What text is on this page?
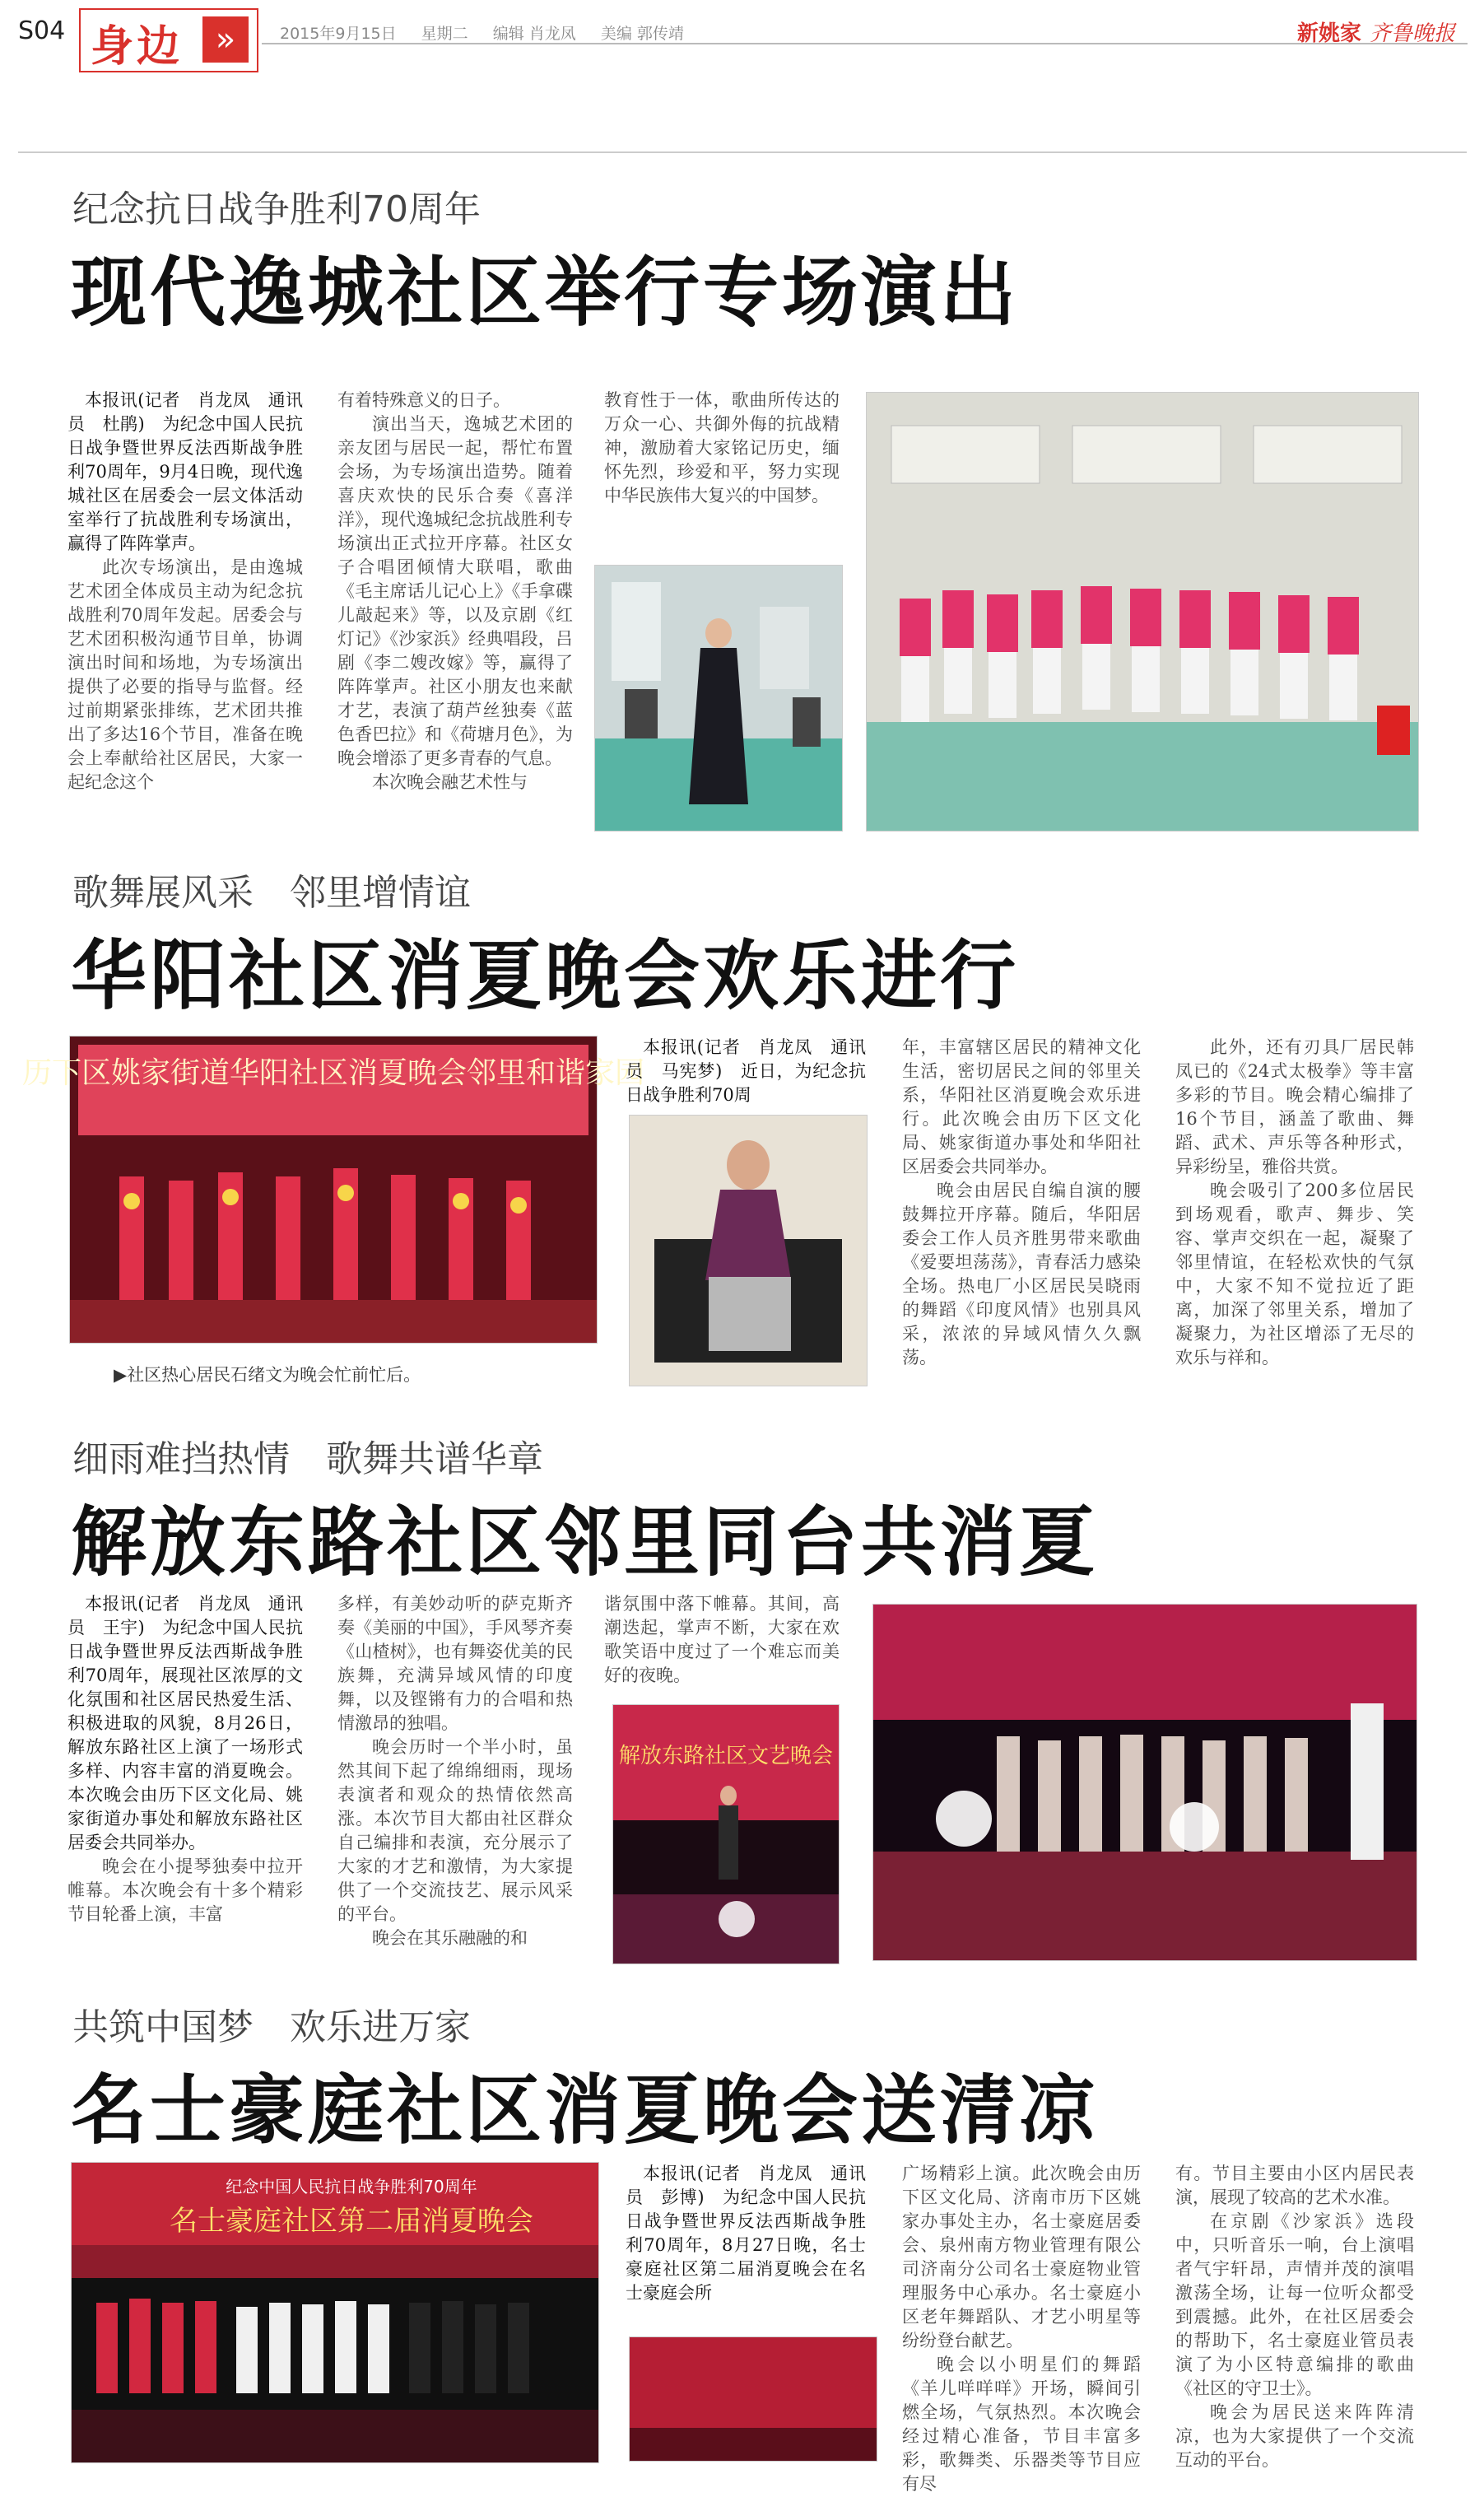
S04 身边 »	2015年9月15日 星期二 编辑 肖龙凤 美编 郭传靖	新姚家 齐鲁晚报
纪念抗日战争胜利70周年
现代逸城社区举行专场演出

本报讯(记者　肖龙凤　通讯员　杜鹃)　为纪念中国人民抗日战争暨世界反法西斯战争胜利70周年，9月4日晚，现代逸城社区在居委会一层文体活动室举行了抗战胜利专场演出，赢得了阵阵掌声。

此次专场演出，是由逸城艺术团全体成员主动为纪念抗战胜利70周年发起。居委会与艺术团积极沟通节目单，协调演出时间和场地，为专场演出提供了必要的指导与监督。经过前期紧张排练，艺术团共推出了多达16个节目，准备在晚会上奉献给社区居民，大家一起纪念这个

有着特殊意义的日子。

演出当天，逸城艺术团的亲友团与居民一起，帮忙布置会场，为专场演出造势。随着喜庆欢快的民乐合奏《喜洋洋》，现代逸城纪念抗战胜利专场演出正式拉开序幕。社区女子合唱团倾情大联唱，歌曲《毛主席话儿记心上》《手拿碟儿敲起来》等，以及京剧《红灯记》《沙家浜》经典唱段，吕剧《李二嫂改嫁》等，赢得了阵阵掌声。社区小朋友也来献才艺，表演了葫芦丝独奏《蓝色香巴拉》和《荷塘月色》，为晚会增添了更多青春的气息。

本次晚会融艺术性与

教育性于一体，歌曲所传达的万众一心、共御外侮的抗战精神，激励着大家铭记历史，缅怀先烈，珍爱和平，努力实现中华民族伟大复兴的中国梦。

歌舞展风采 邻里增情谊
华阳社区消夏晚会欢乐进行
历下区姚家街道华阳社区消夏晚会邻里和谐家园
▶社区热心居民石绪文为晚会忙前忙后。

本报讯(记者　肖龙凤　通讯员　马宪梦)　近日，为纪念抗日战争胜利70周

年，丰富辖区居民的精神文化生活，密切居民之间的邻里关系，华阳社区消夏晚会欢乐进行。此次晚会由历下区文化局、姚家街道办事处和华阳社区居委会共同举办。

晚会由居民自编自演的腰鼓舞拉开序幕。随后，华阳居委会工作人员齐胜男带来歌曲《爱要坦荡荡》，青春活力感染全场。热电厂小区居民吴晓雨的舞蹈《印度风情》也别具风采，浓浓的异域风情久久飘荡。

此外，还有刃具厂居民韩凤已的《24式太极拳》等丰富多彩的节目。晚会精心编排了16个节目，涵盖了歌曲、舞蹈、武术、声乐等各种形式，异彩纷呈，雅俗共赏。

晚会吸引了200多位居民到场观看，歌声、舞步、笑容、掌声交织在一起，凝聚了邻里情谊，在轻松欢快的气氛中，大家不知不觉拉近了距离，加深了邻里关系，增加了凝聚力，为社区增添了无尽的欢乐与祥和。

细雨难挡热情 歌舞共谱华章
解放东路社区邻里同台共消夏

本报讯(记者　肖龙凤　通讯员　王宇)　为纪念中国人民抗日战争暨世界反法西斯战争胜利70周年，展现社区浓厚的文化氛围和社区居民热爱生活、积极进取的风貌，8月26日，解放东路社区上演了一场形式多样、内容丰富的消夏晚会。本次晚会由历下区文化局、姚家街道办事处和解放东路社区居委会共同举办。

晚会在小提琴独奏中拉开帷幕。本次晚会有十多个精彩节目轮番上演，丰富

多样，有美妙动听的萨克斯齐奏《美丽的中国》，手风琴齐奏《山楂树》，也有舞姿优美的民族舞，充满异域风情的印度舞，以及铿锵有力的合唱和热情激昂的独唱。

晚会历时一个半小时，虽然其间下起了绵绵细雨，现场表演者和观众的热情依然高涨。本次节目大都由社区群众自己编排和表演，充分展示了大家的才艺和激情，为大家提供了一个交流技艺、展示风采的平台。

晚会在其乐融融的和

谐氛围中落下帷幕。其间，高潮迭起，掌声不断，大家在欢歌笑语中度过了一个难忘而美好的夜晚。

解放东路社区文艺晚会
共筑中国梦 欢乐进万家
名士豪庭社区消夏晚会送清凉
纪念中国人民抗日战争胜利70周年
名士豪庭社区第二届消夏晚会

本报讯(记者　肖龙凤　通讯员　彭博)　为纪念中国人民抗日战争暨世界反法西斯战争胜利70周年，8月27日晚，名士豪庭社区第二届消夏晚会在名士豪庭会所

广场精彩上演。此次晚会由历下区文化局、济南市历下区姚家办事处主办，名士豪庭居委会、泉州南方物业管理有限公司济南分公司名士豪庭物业管理服务中心承办。名士豪庭小区老年舞蹈队、才艺小明星等纷纷登台献艺。

晚会以小明星们的舞蹈《羊儿咩咩咩》开场，瞬间引燃全场，气氛热烈。本次晚会经过精心准备，节目丰富多彩，歌舞类、乐器类等节目应有尽

有。节目主要由小区内居民表演，展现了较高的艺术水准。

在京剧《沙家浜》选段中，只听音乐一响，台上演唱者气宇轩昂，声情并茂的演唱激荡全场，让每一位听众都受到震撼。此外，在社区居委会的帮助下，名士豪庭业管员表演了为小区特意编排的歌曲《社区的守卫士》。

晚会为居民送来阵阵清凉，也为大家提供了一个交流互动的平台。
